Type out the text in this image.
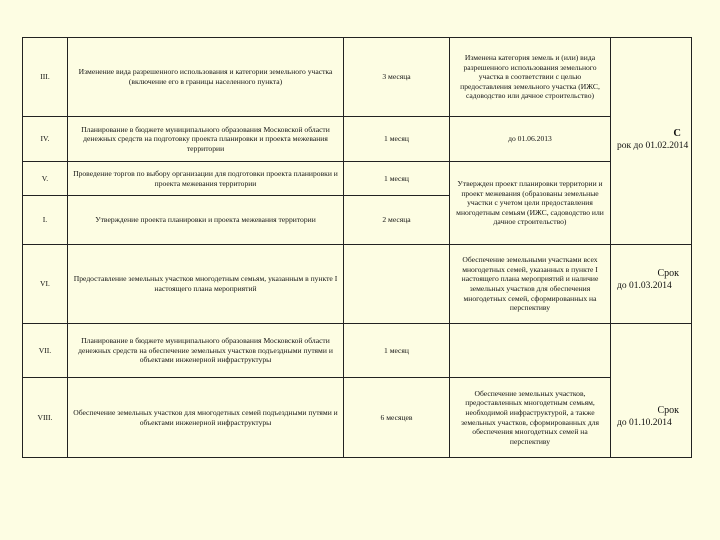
III.	Изменение вида разрешенного использования и категории земельного участка (включение его в границы населенного пункта)	3 месяца	Изменена категория земель и (или) вида разрешенного использования земельного участка в соответствии с целью предоставления земельного участка (ИЖС, садоводство или дачное строительство)	С
рок до 01.02.2014

IV.	Планирование в бюджете муниципального образования Московской области денежных средств на подготовку проекта планировки и проекта межевания территории	1 месяц	до 01.06.2013	
V.	Проведение торгов по выбору организации для подготовки проекта планировки и проекта межевания территории	1 месяц	Утвержден проект планировки территории и проект межевания (образованы земельные участки с учетом цели предоставления многодетным семьям (ИЖС, садоводство или дачное строительство)	
I.	Утверждение проекта планировки и проекта межевания территории	2 месяца		
VI.	Предоставление земельных участков многодетным семьям, указанным в пункте I настоящего плана мероприятий		Обеспечение земельными участками всех многодетных семей, указанных в пункте I настоящего плана мероприятий и наличие земельных участков для обеспечения многодетных семей, сформированных на перспективу	Срок
до 01.03.2014

VII.	Планирование в бюджете муниципального образования Московской области денежных средств на обеспечение земельных участков подъездными путями и объектами инженерной инфраструктуры	1 месяц		Срок
до 01.10.2014

VIII.	Обеспечение земельных участков для многодетных семей подъездными путями и объектами инженерной инфраструктуры	6 месяцев	Обеспечение земельных участков, предоставленных многодетным семьям, необходимой инфраструктурой, а также земельных участков, сформированных для обеспечения многодетных семей на перспективу	
